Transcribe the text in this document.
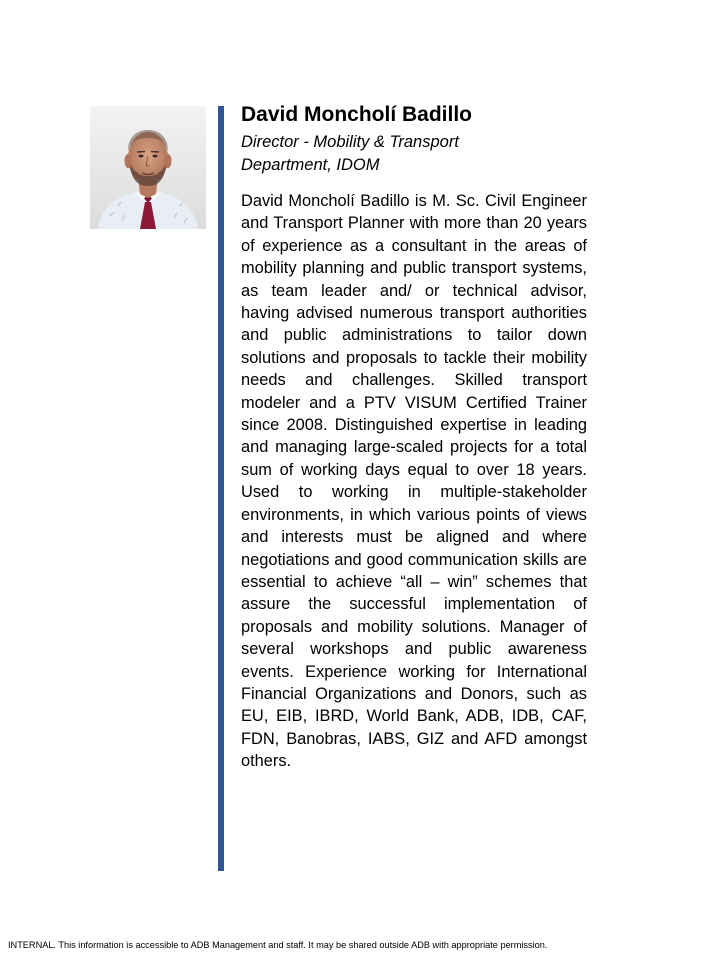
David Moncholí Badillo

Director - Mobility & Transport Department, IDOM

David Moncholí Badillo is M. Sc. Civil Engineer and Transport Planner with more than 20 years of experience as a consultant in the areas of mobility planning and public transport systems, as team leader and/ or technical advisor, having advised numerous transport authorities and public administrations to tailor down solutions and proposals to tackle their mobility needs and challenges. Skilled transport modeler and a PTV VISUM Certified Trainer since 2008. Distinguished expertise in leading and managing large-scaled projects for a total sum of working days equal to over 18 years. Used to working in multiple-stakeholder environments, in which various points of views and interests must be aligned and where negotiations and good communication skills are essential to achieve “all – win” schemes that assure the successful implementation of proposals and mobility solutions. Manager of several workshops and public awareness events. Experience working for International Financial Organizations and Donors, such as EU, EIB, IBRD, World Bank, ADB, IDB, CAF, FDN, Banobras, IABS, GIZ and AFD amongst others.

INTERNAL. This information is accessible to ADB Management and staff. It may be shared outside ADB with appropriate permission.
